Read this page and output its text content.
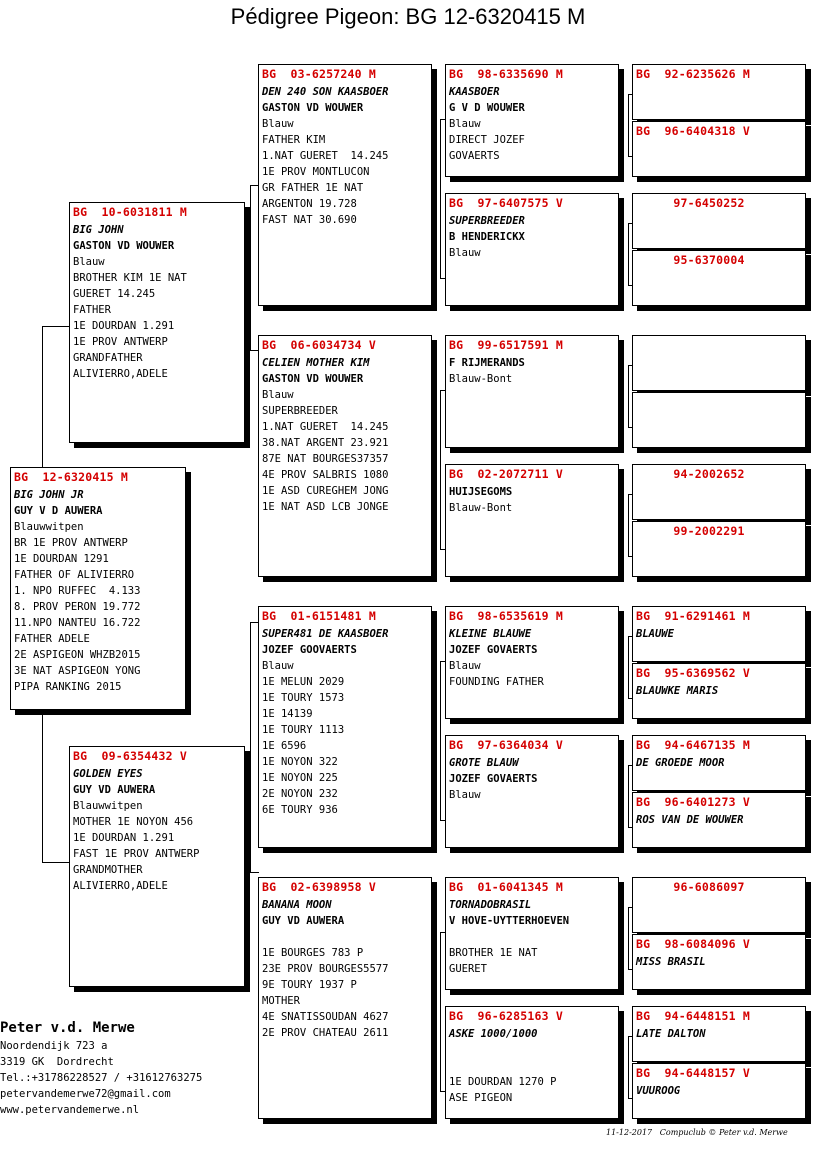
Pédigree Pigeon: BG 12-6320415 M
BG  12-6320415 M
BIG JOHN JR
GUY V D AUWERA
Blauwwitpen
BR 1E PROV ANTWERP
1E DOURDAN 1291
FATHER OF ALIVIERRO
1. NPO RUFFEC  4.133
8. PROV PERON 19.772
11.NPO NANTEU 16.722
FATHER ADELE
2E ASPIGEON WHZB2015
3E NAT ASPIGEON YONG
PIPA RANKING 2015
BG  10-6031811 M
BIG JOHN
GASTON VD WOUWER
Blauw
BROTHER KIM 1E NAT
GUERET 14.245
FATHER
1E DOURDAN 1.291
1E PROV ANTWERP
GRANDFATHER
ALIVIERRO,ADELE
BG  09-6354432 V
GOLDEN EYES
GUY VD AUWERA
Blauwwitpen
MOTHER 1E NOYON 456
1E DOURDAN 1.291
FAST 1E PROV ANTWERP
GRANDMOTHER
ALIVIERRO,ADELE
Peter v.d. Merwe
Noordendijk 723 a
3319 GK  Dordrecht
Tel.:+31786228527 / +31612763275
petervandemerwe72@gmail.com
www.petervandemerwe.nl
11-12-2017   Compuclub © Peter v.d. Merwe
BG  03-6257240 M
DEN 240 SON KAASBOER
GASTON VD WOUWER
Blauw
FATHER KIM
1.NAT GUERET  14.245
1E PROV MONTLUCON
GR FATHER 1E NAT
ARGENTON 19.728
FAST NAT 30.690
BG  06-6034734 V
CELIEN MOTHER KIM
GASTON VD WOUWER
Blauw
SUPERBREEDER
1.NAT GUERET  14.245
38.NAT ARGENT 23.921
87E NAT BOURGES37357
4E PROV SALBRIS 1080
1E ASD CUREGHEM JONG
1E NAT ASD LCB JONGE
BG  01-6151481 M
SUPER481 DE KAASBOER
JOZEF GOOVAERTS
Blauw
1E MELUN 2029
1E TOURY 1573
1E 14139
1E TOURY 1113
1E 6596
1E NOYON 322
1E NOYON 225
2E NOYON 232
6E TOURY 936
BG  02-6398958 V
BANANA MOON
GUY VD AUWERA

1E BOURGES 783 P
23E PROV BOURGES5577
9E TOURY 1937 P
MOTHER
4E SNATISSOUDAN 4627
2E PROV CHATEAU 2611
BG  98-6335690 M
KAASBOER
G V D WOUWER
Blauw
DIRECT JOZEF
GOVAERTS
BG  97-6407575 V
SUPERBREEDER
B HENDERICKX
Blauw
BG  99-6517591 M
F RIJMERANDS
Blauw-Bont
BG  02-2072711 V
HUIJSEGOMS
Blauw-Bont
BG  98-6535619 M
KLEINE BLAUWE
JOZEF GOVAERTS
Blauw
FOUNDING FATHER
BG  97-6364034 V
GROTE BLAUW
JOZEF GOVAERTS
Blauw
BG  01-6041345 M
TORNADOBRASIL
V HOVE-UYTTERHOEVEN

BROTHER 1E NAT
GUERET
BG  96-6285163 V
ASKE 1000/1000

1E DOURDAN 1270 P
ASE PIGEON
BG  92-6235626 M
BG  96-6404318 V
97-6450252
95-6370004
94-2002652
99-2002291
BG  91-6291461 M
BLAUWE
BG  95-6369562 V
BLAUWKE MARIS
BG  94-6467135 M
DE GROEDE MOOR
BG  96-6401273 V
ROS VAN DE WOUWER
96-6086097
BG  98-6084096 V
MISS BRASIL
BG  94-6448151 M
LATE DALTON
BG  94-6448157 V
VUUROOG
